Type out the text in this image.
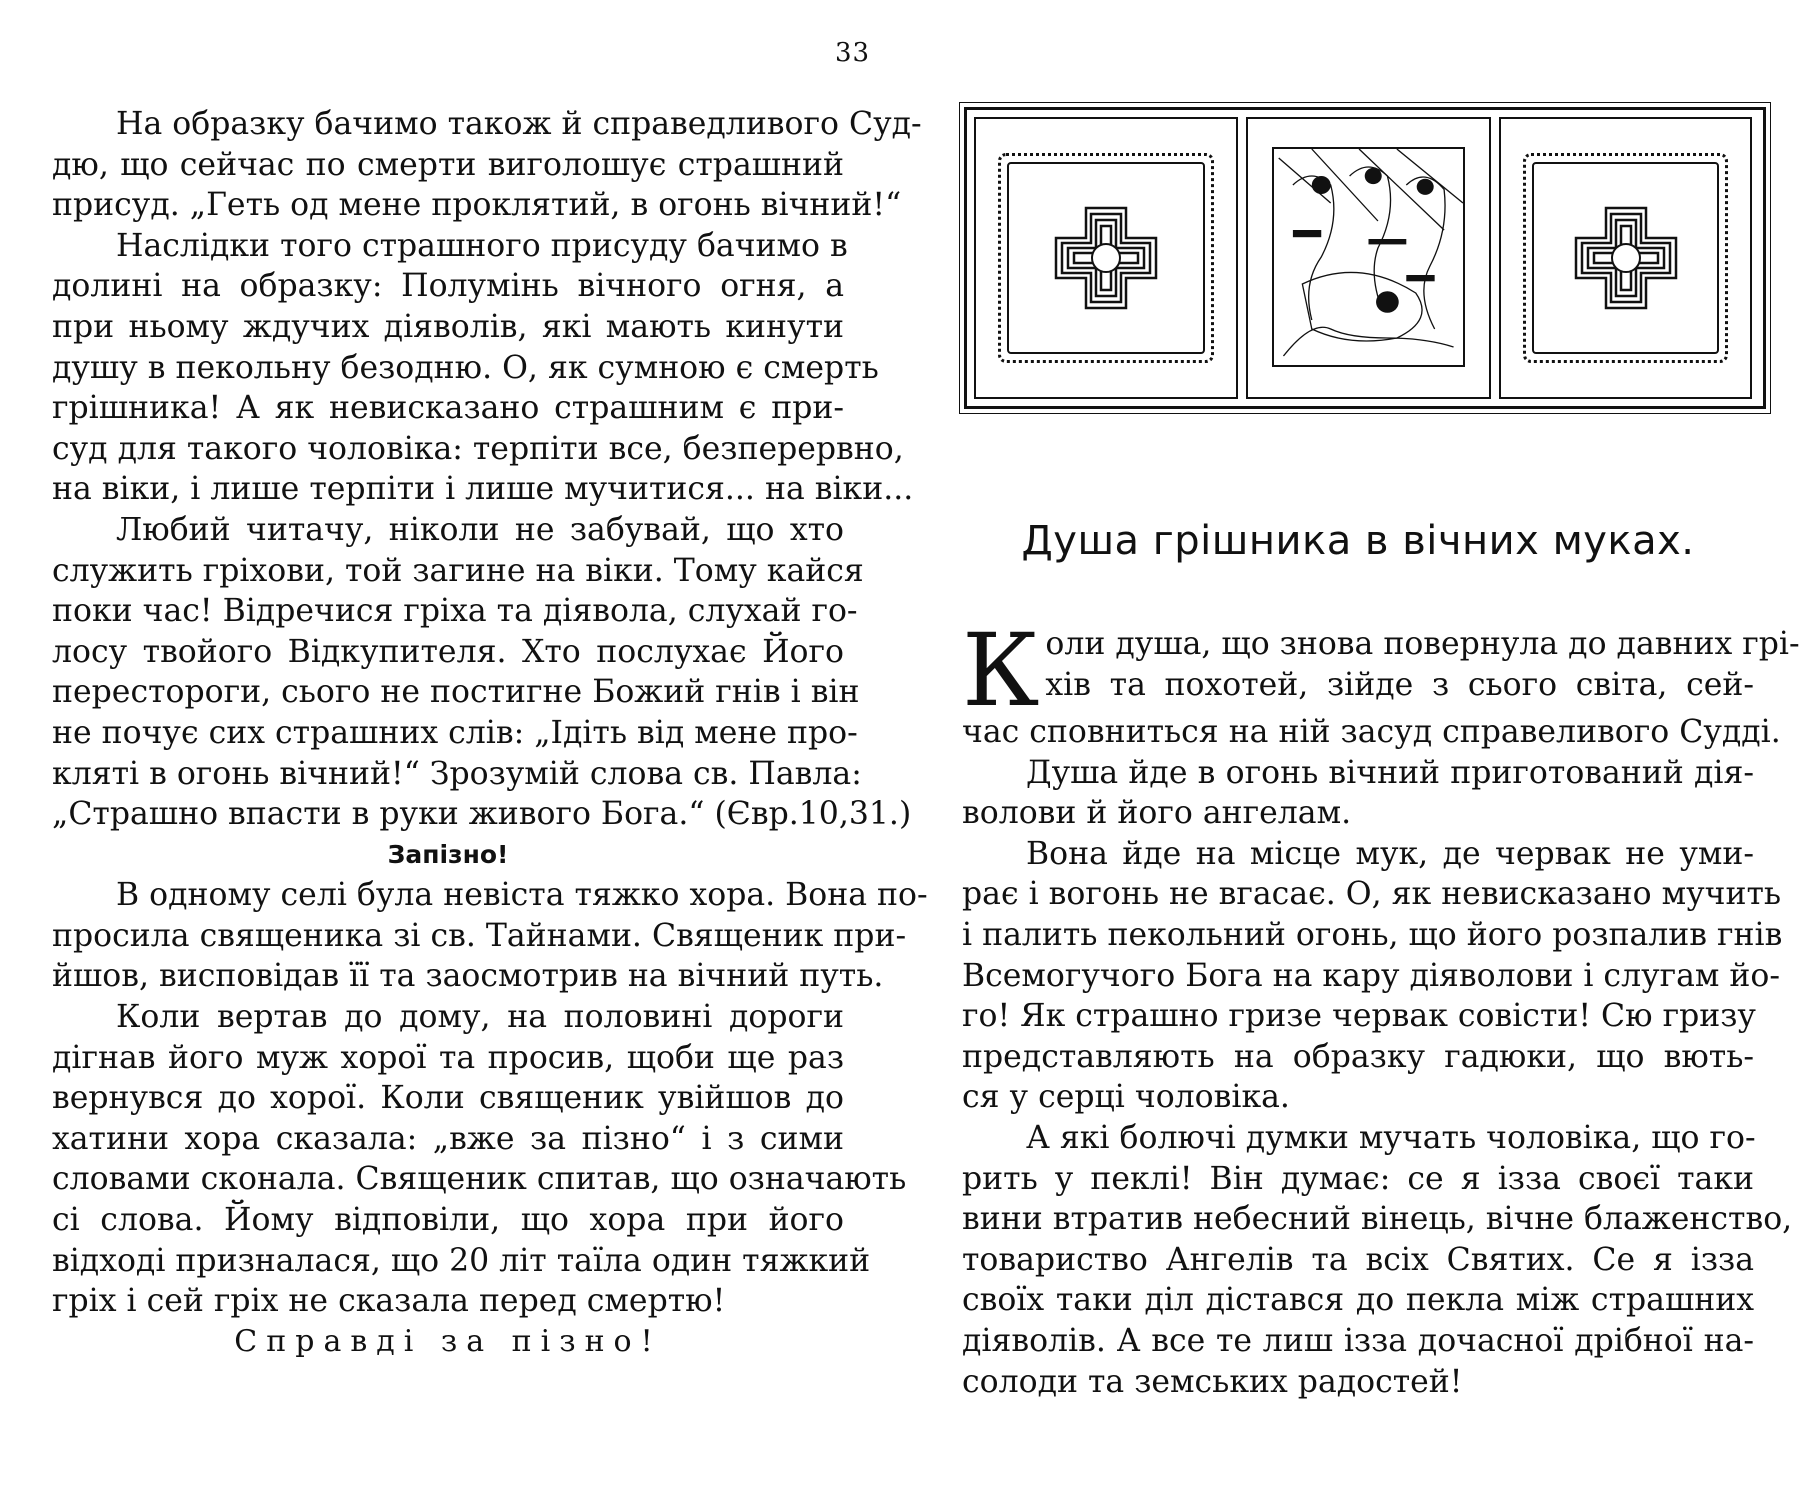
33
На образку бачимо також й справедливого Суд-
дю, що сейчас по смерти виголошує страшний
присуд. „Геть од мене проклятий, в огонь вічний!“
Наслідки того страшного присуду бачимо в
долині на образку: Полумінь вічного огня, а
при ньому ждучих діяволів, які мають кинути
душу в пекольну безодню. О, як сумною є смерть
грішника! А як невисказано страшним є при-
суд для такого чоловіка: терпіти все, безперервно,
на віки, і лише терпіти і лише мучитися... на віки...
Любий читачу, ніколи не забувай, що хто
служить гріхови, той загине на віки. Тому кайся
поки час! Відречися гріха та діявола, слухай го-
лосу твойого Відкупителя. Хто послухає Його
перестороги, сього не постигне Божий гнів і він
не почує сих страшних слів: „Ідіть від мене про-
кляті в огонь вічний!“ Зрозумій слова св. Павла:
„Страшно впасти в руки живого Бога.“ (Євр.10,31.)
Запізно!
В одному селі була невіста тяжко хора. Вона по-
просила священика зі св. Тайнами. Священик при-
йшов, висповідав її та заосмотрив на вічний путь.
Коли вертав до дому, на половині дороги
дігнав його муж хорої та просив, щоби ще раз
вернувся до хорої. Коли священик увійшов до
хатини хора сказала: „вже за пізно“ і з сими
словами сконала. Священик спитав, що означають
сі слова. Йому відповіли, що хора при його
відході призналася, що 20 літ таїла один тяжкий
гріх і сей гріх не сказала перед смертю!
Справді за пізно!
Душа грішника в вічних муках.
К оли душа, що знова повернула до давних грі-
хів та похотей, зійде з сього світа, сей-
час сповниться на ній засуд справеливого Судді.
Душа йде в огонь вічний приготований дія-
волови й його ангелам.
Вона йде на місце мук, де червак не уми-
рає і вогонь не вгасає. О, як невисказано мучить
і палить пекольний огонь, що його розпалив гнів
Всемогучого Бога на кару діяволови і слугам йо-
го! Як страшно гризе червак совісти! Сю гризу
представляють на образку гадюки, що вють-
ся у серці чоловіка.
А які болючі думки мучать чоловіка, що го-
рить у пеклі! Він думає: се я ізза своєї таки
вини втратив небесний вінець, вічне блаженство,
товариство Ангелів та всіх Святих. Се я ізза
своїх таки діл дістався до пекла між страшних
діяволів. А все те лиш ізза дочасної дрібної на-
солоди та земських радостей!
